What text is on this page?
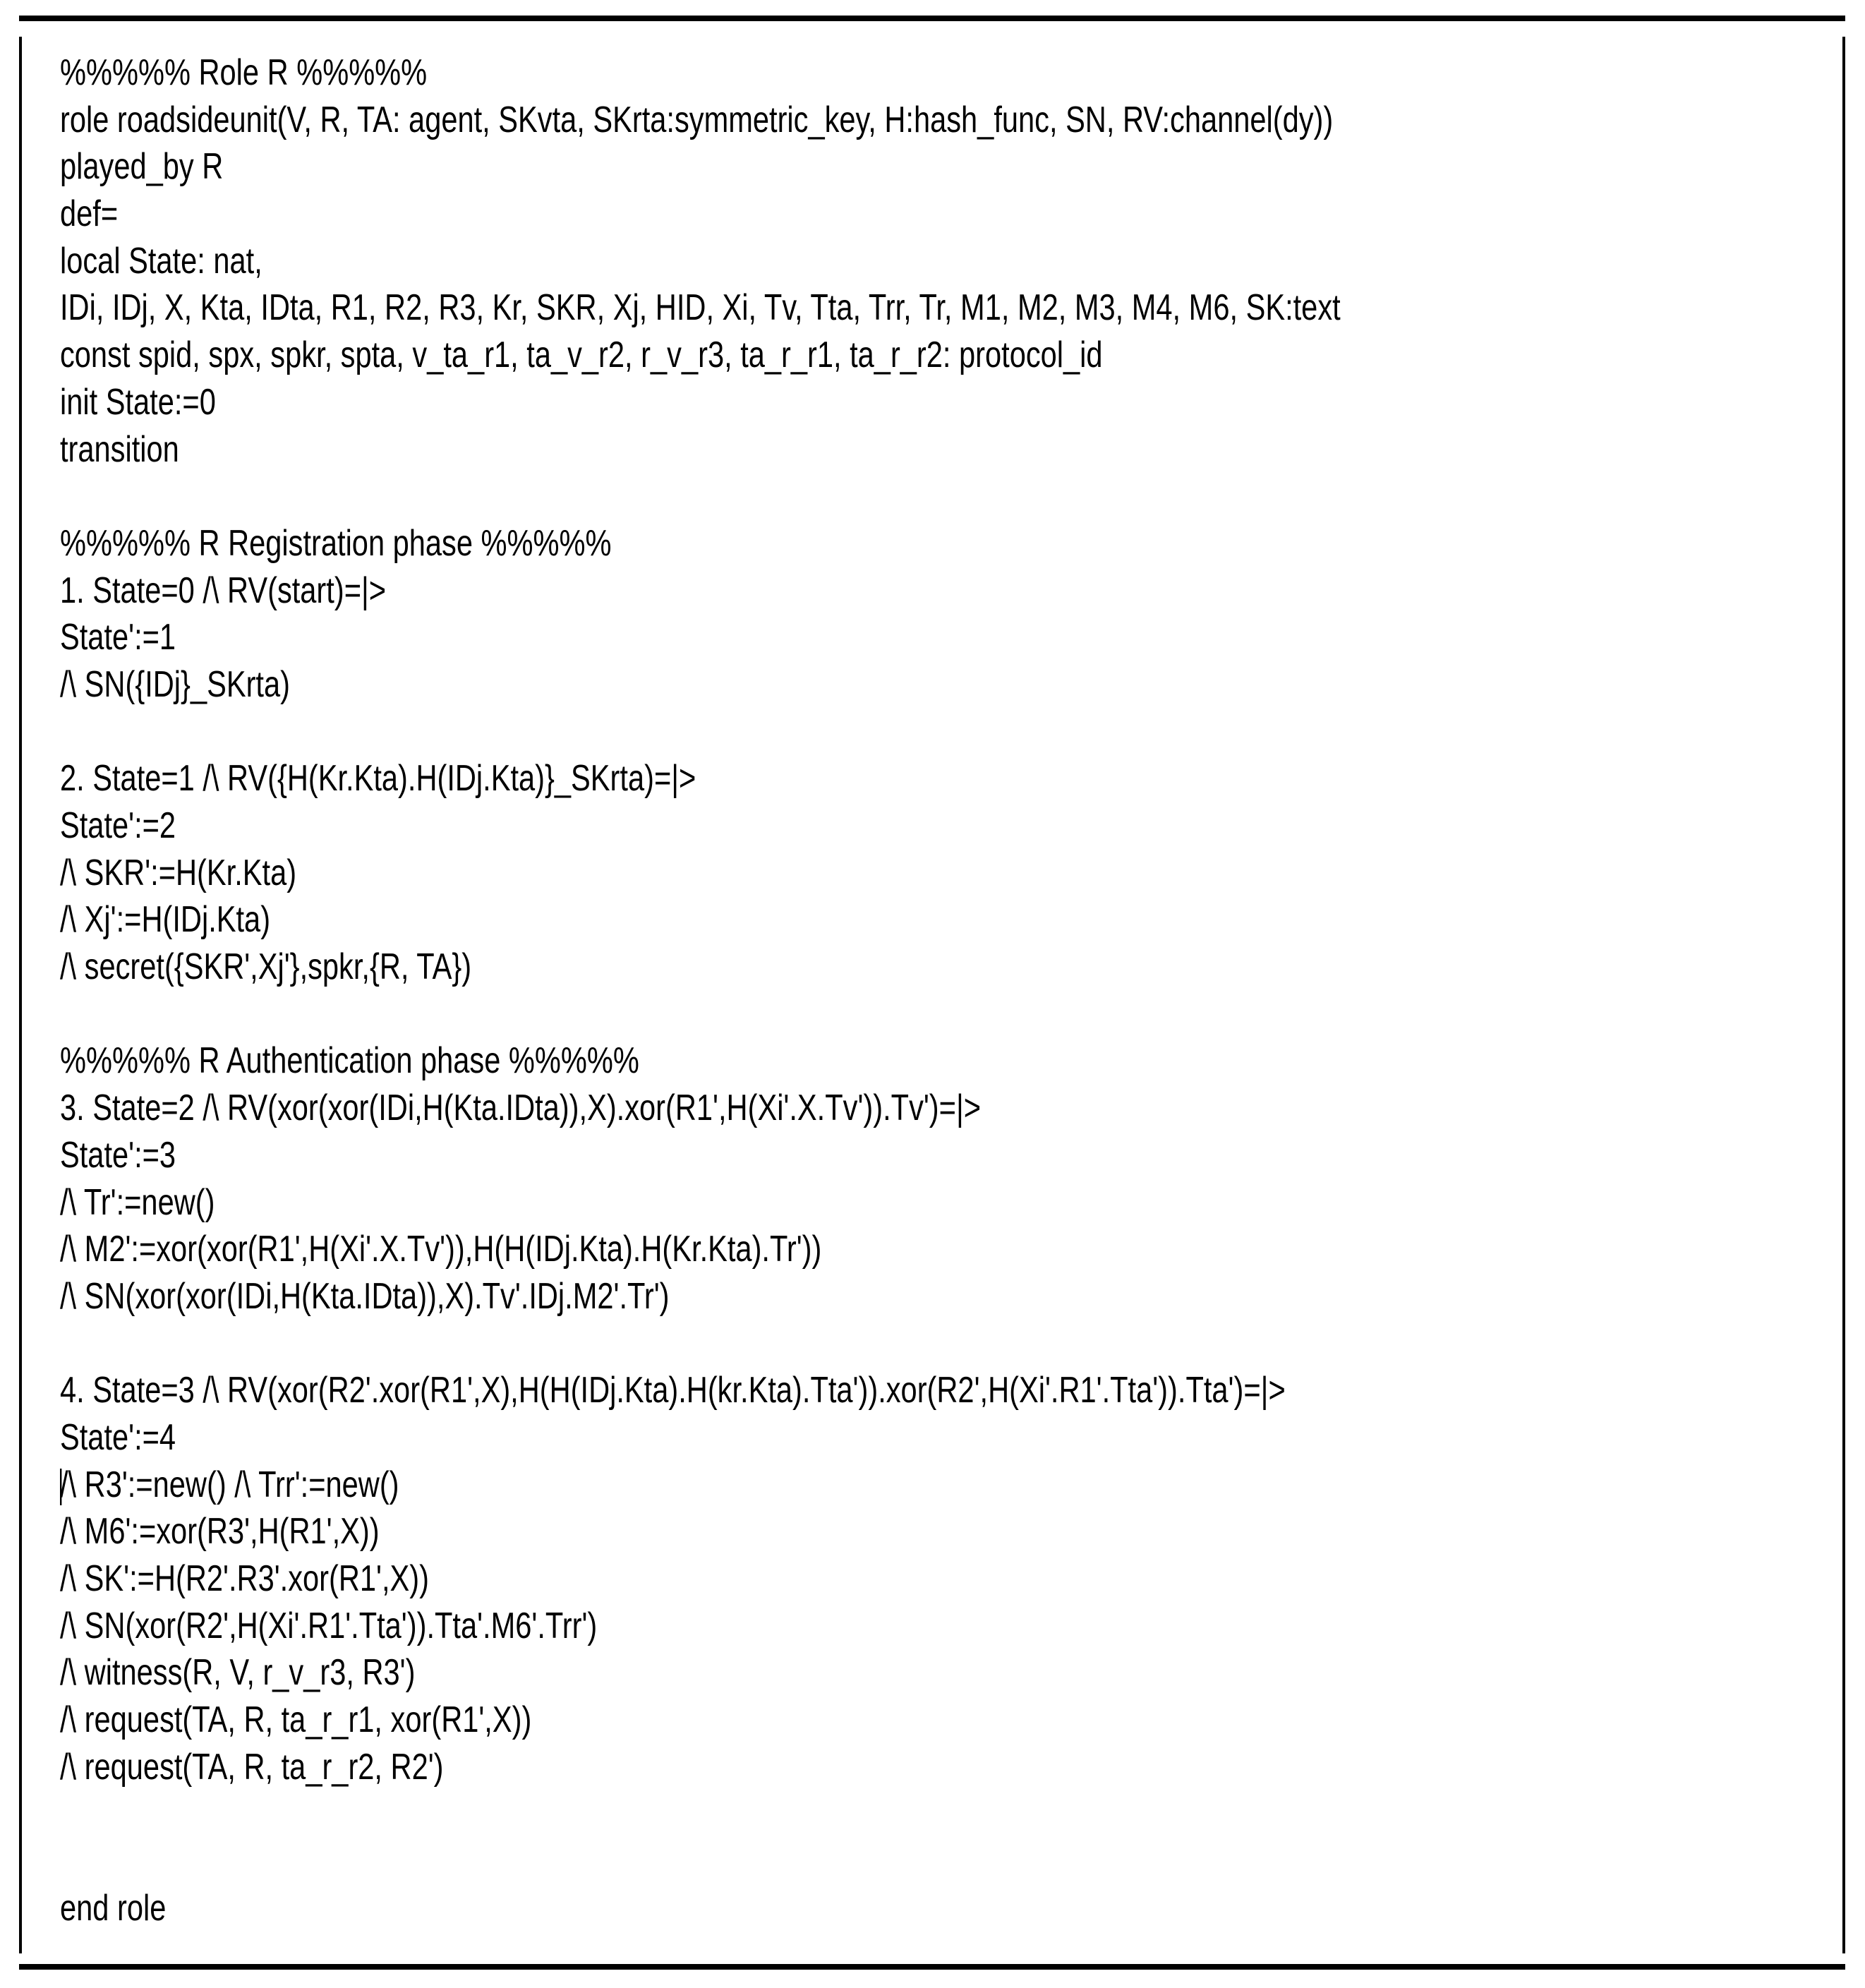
%%%%% Role R %%%%%
role roadsideunit(V, R, TA: agent, SKvta, SKrta:symmetric_key, H:hash_func, SN, RV:channel(dy))
played_by R
def=
local State: nat,
IDi, IDj, X, Kta, IDta, R1, R2, R3, Kr, SKR, Xj, HID, Xi, Tv, Tta, Trr, Tr, M1, M2, M3, M4, M6, SK:text
const spid, spx, spkr, spta, v_ta_r1, ta_v_r2, r_v_r3, ta_r_r1, ta_r_r2: protocol_id
init State:=0
transition
%%%%% R Registration phase %%%%%
1. State=0 /\ RV(start)=|>
State':=1
/\ SN({IDj}_SKrta)
2. State=1 /\ RV({H(Kr.Kta).H(IDj.Kta)}_SKrta)=|>
State':=2
/\ SKR':=H(Kr.Kta)
/\ Xj':=H(IDj.Kta)
/\ secret({SKR',Xj'},spkr,{R, TA})
%%%%% R Authentication phase %%%%%
3. State=2 /\ RV(xor(xor(IDi,H(Kta.IDta)),X).xor(R1',H(Xi'.X.Tv')).Tv')=|>
State':=3
/\ Tr':=new()
/\ M2':=xor(xor(R1',H(Xi'.X.Tv')),H(H(IDj.Kta).H(Kr.Kta).Tr'))
/\ SN(xor(xor(IDi,H(Kta.IDta)),X).Tv'.IDj.M2'.Tr')
4. State=3 /\ RV(xor(R2'.xor(R1',X),H(H(IDj.Kta).H(kr.Kta).Tta')).xor(R2',H(Xi'.R1'.Tta')).Tta')=|>
State':=4
/\ R3':=new() /\ Trr':=new()
/\ M6':=xor(R3',H(R1',X))
/\ SK':=H(R2'.R3'.xor(R1',X))
/\ SN(xor(R2',H(Xi'.R1'.Tta')).Tta'.M6'.Trr')
/\ witness(R, V, r_v_r3, R3')
/\ request(TA, R, ta_r_r1, xor(R1',X))
/\ request(TA, R, ta_r_r2, R2')
end role
